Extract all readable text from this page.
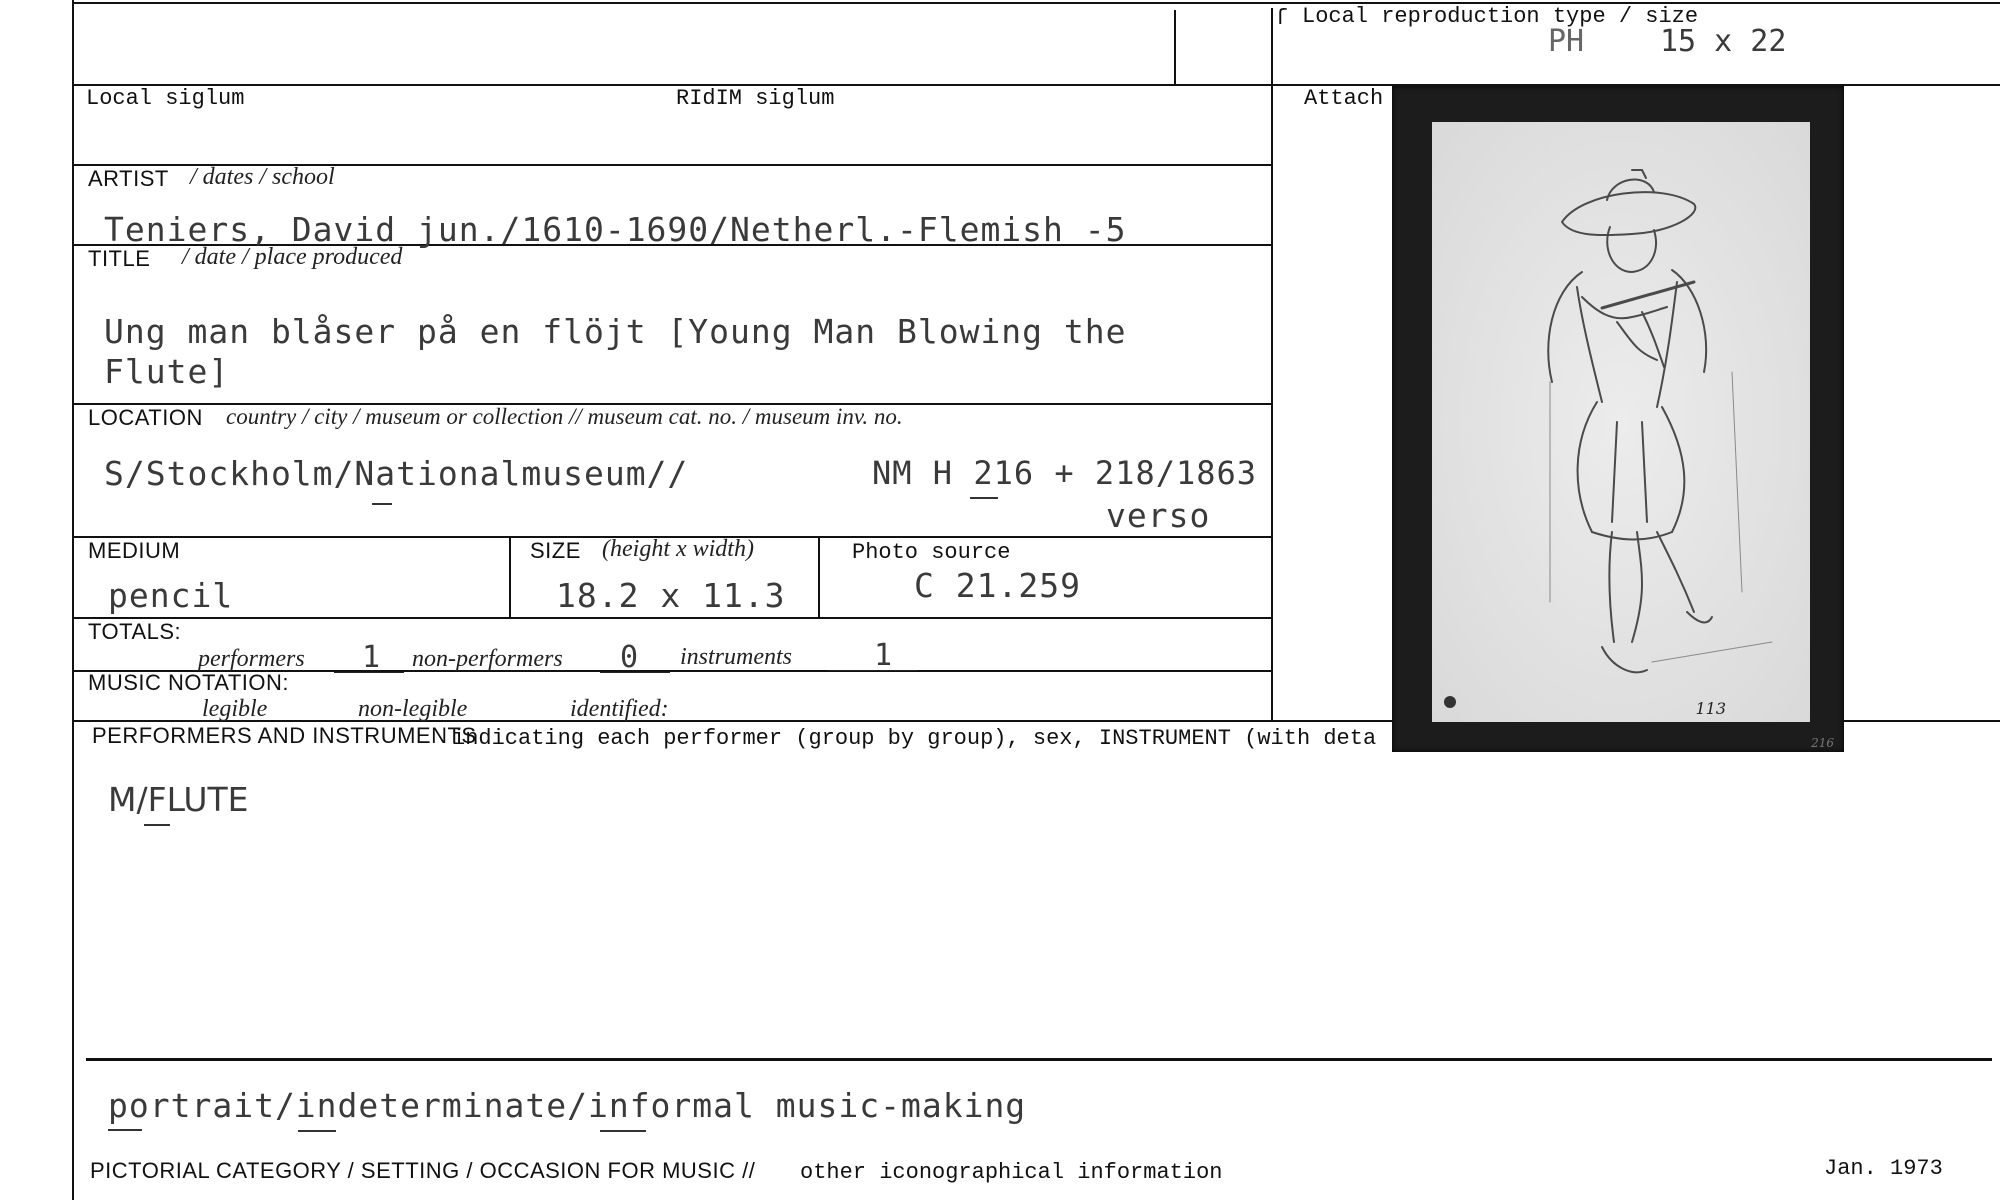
ſ Local reproduction type / size
PH	15 x 22
Local siglum	RIdIM siglum	Attach
ARTIST / dates / school
Teniers, David jun./1610-1690/Netherl.-Flemish -5
TITLE / date / place produced
Ung man blåser på en flöjt [Young Man Blowing the
Flute]
LOCATION country / city / museum or collection // museum cat. no. / museum inv. no.
S/Stockholm/Nationalmuseum//	NM H 216 + 218/1863
verso
MEDIUM
pencil
SIZE (height x width)
18.2 x 11.3
Photo source
C 21.259
TOTALS:
performers 1 non-performers 0 instruments	1
MUSIC NOTATION:
legible	non-legible	identified:
PERFORMERS AND INSTRUMENTS
indicating each performer (group by group), sex, INSTRUMENT (with deta
M/FLUTE
113
216
portrait/indeterminate/informal music-making
PICTORIAL CATEGORY / SETTING / OCCASION FOR MUSIC // other iconographical information	Jan. 1973
